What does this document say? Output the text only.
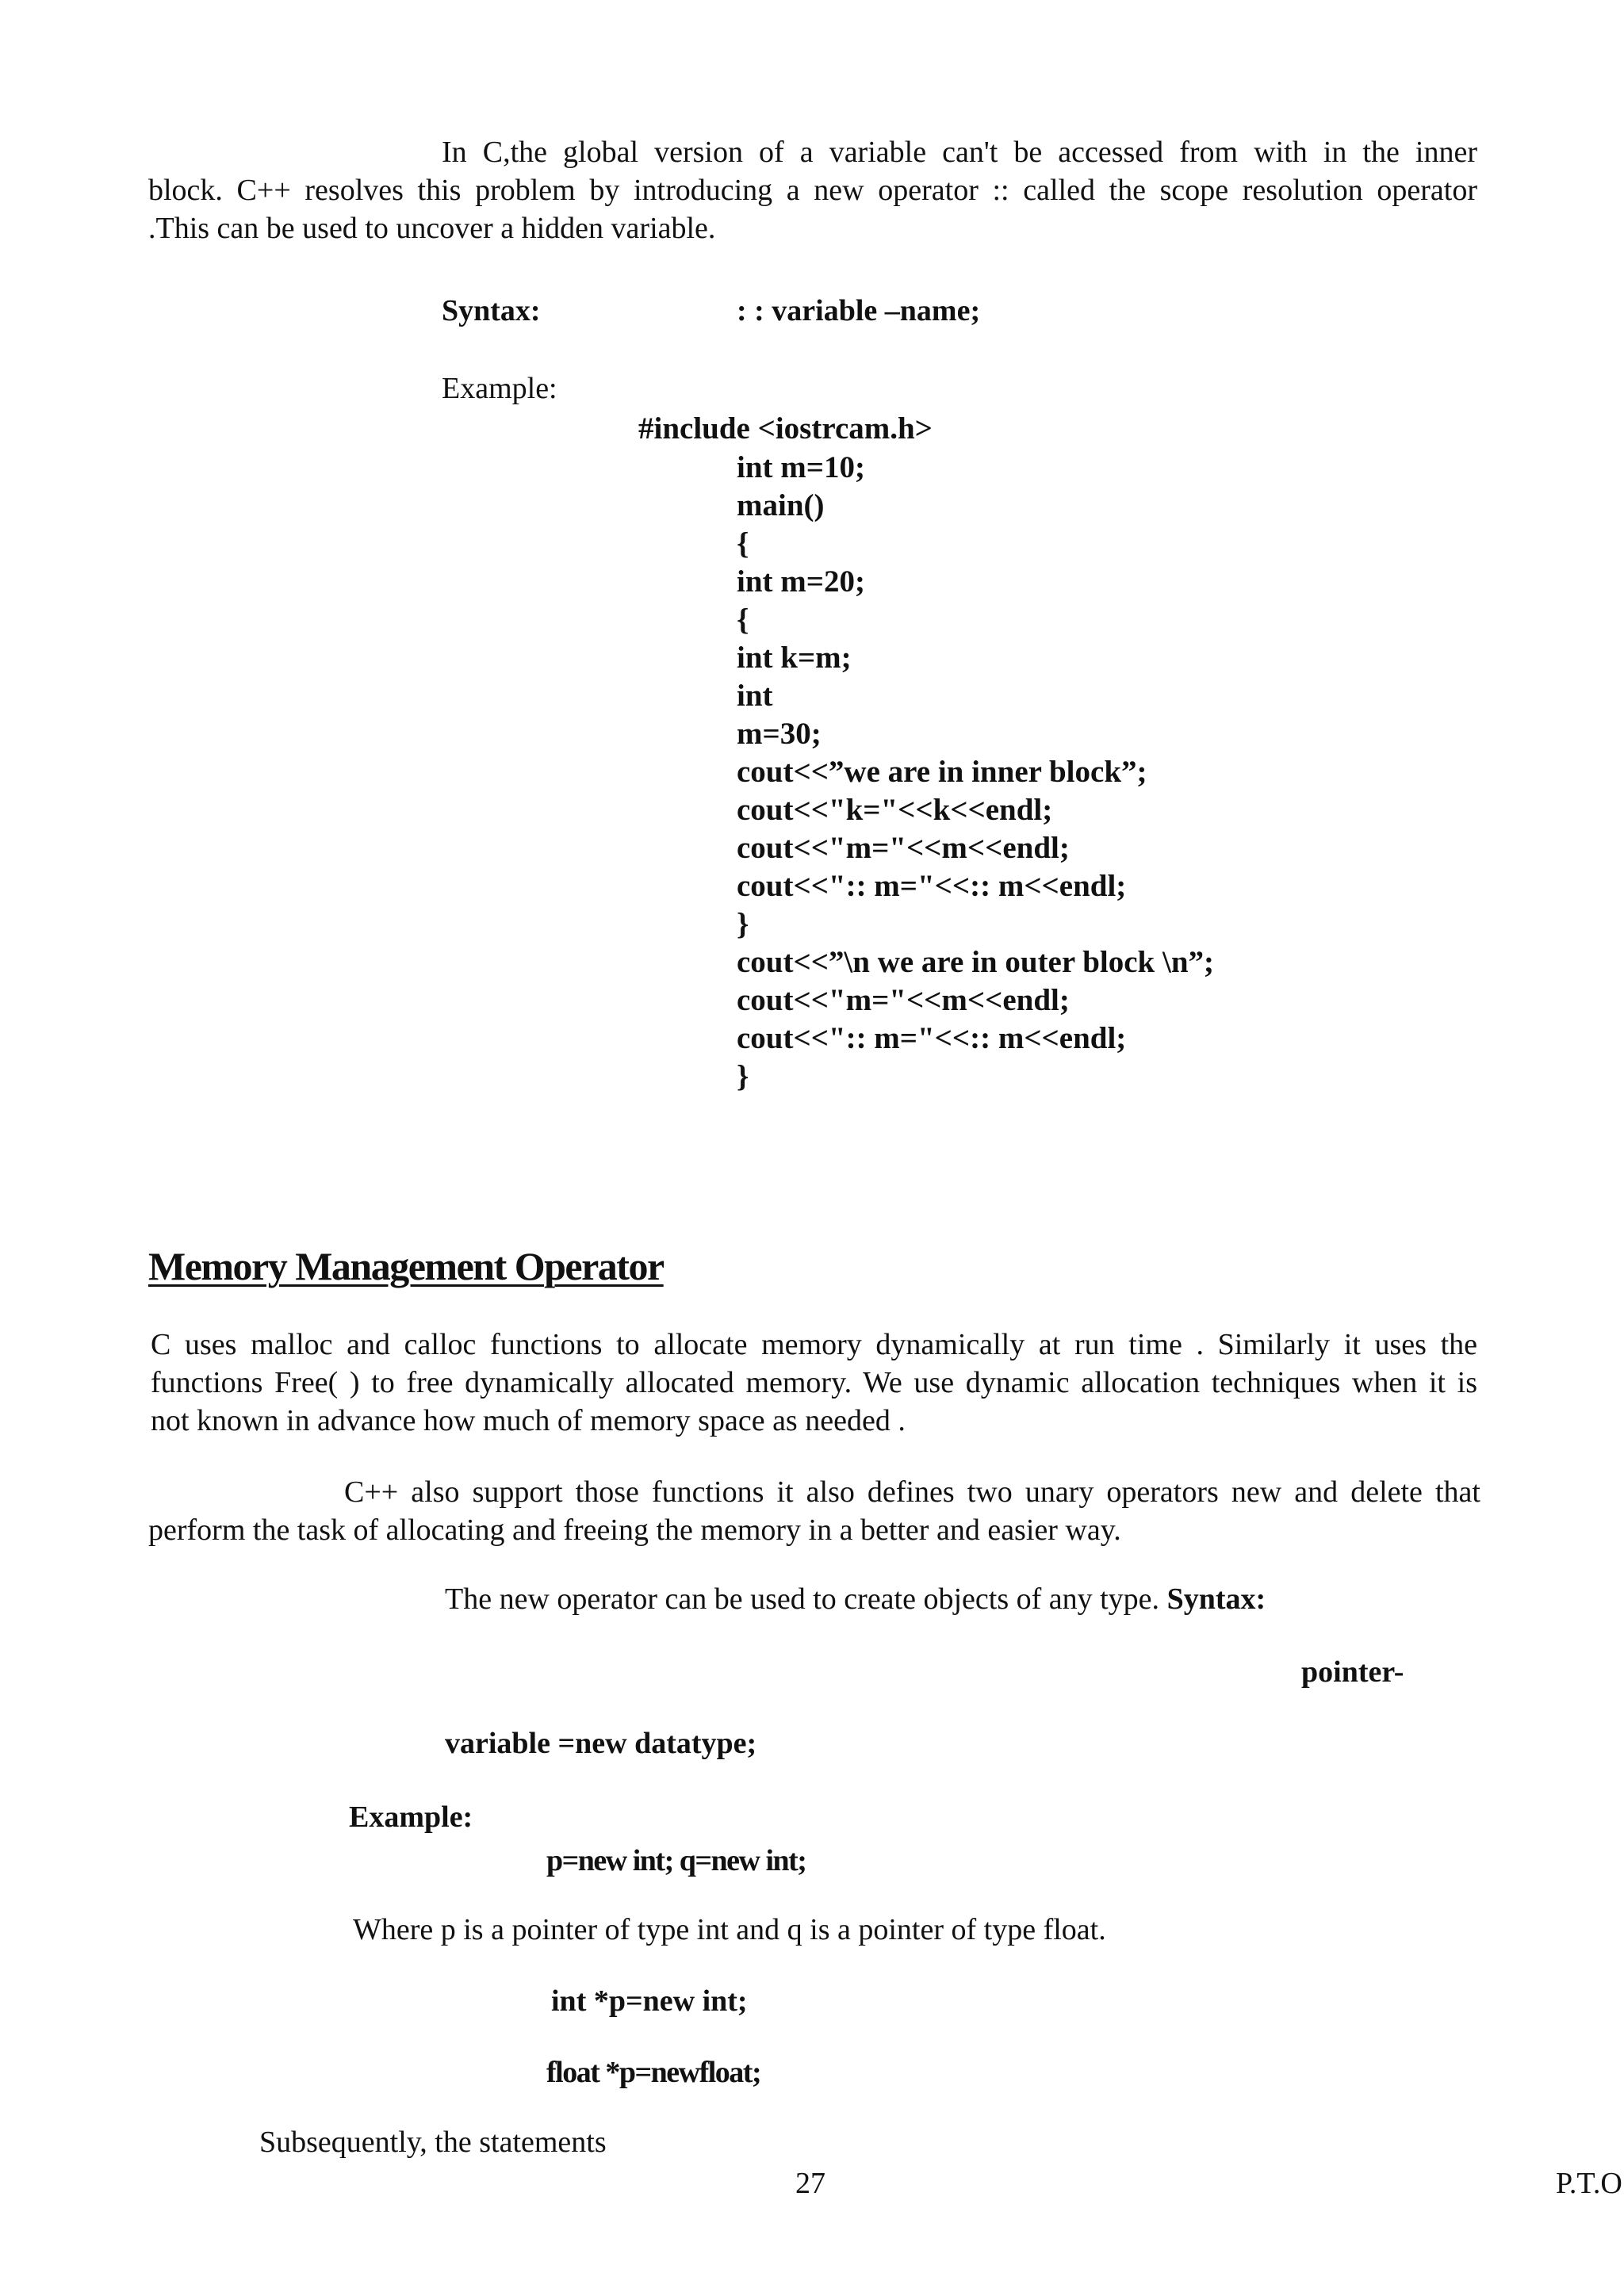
In C,the global version of a variable can't be accessed from with in the inner
block. C++ resolves this problem by introducing a new operator :: called the scope resolution operator
.This can be used to uncover a hidden variable.
Syntax:	: : variable –name;
Example:
#include <iostrcam.h>
int m=10;
main()
{
int m=20;
{
int k=m;
int
m=30;
cout<<”we are in inner block”;
cout<<"k="<<k<<endl;
cout<<"m="<<m<<endl;
cout<<":: m="<<:: m<<endl;
}
cout<<”\n we are in outer block \n”;
cout<<"m="<<m<<endl;
cout<<":: m="<<:: m<<endl;
}
Memory Management Operator
C uses malloc and calloc functions to allocate memory dynamically at run time . Similarly it uses the
functions Free( ) to free dynamically allocated memory. We use dynamic allocation techniques when it is
not known in advance how much of memory space as needed .
C++ also support those functions it also defines two unary operators new and delete that
perform the task of allocating and freeing the memory in a better and easier way.
The new operator can be used to create objects of any type. Syntax:
pointer-
variable =new datatype;
Example:
p=new int; q=new int;
Where p is a pointer of type int and q is a pointer of type float.
int *p=new int;
float *p=newfloat;
Subsequently, the statements
27	P.T.O
